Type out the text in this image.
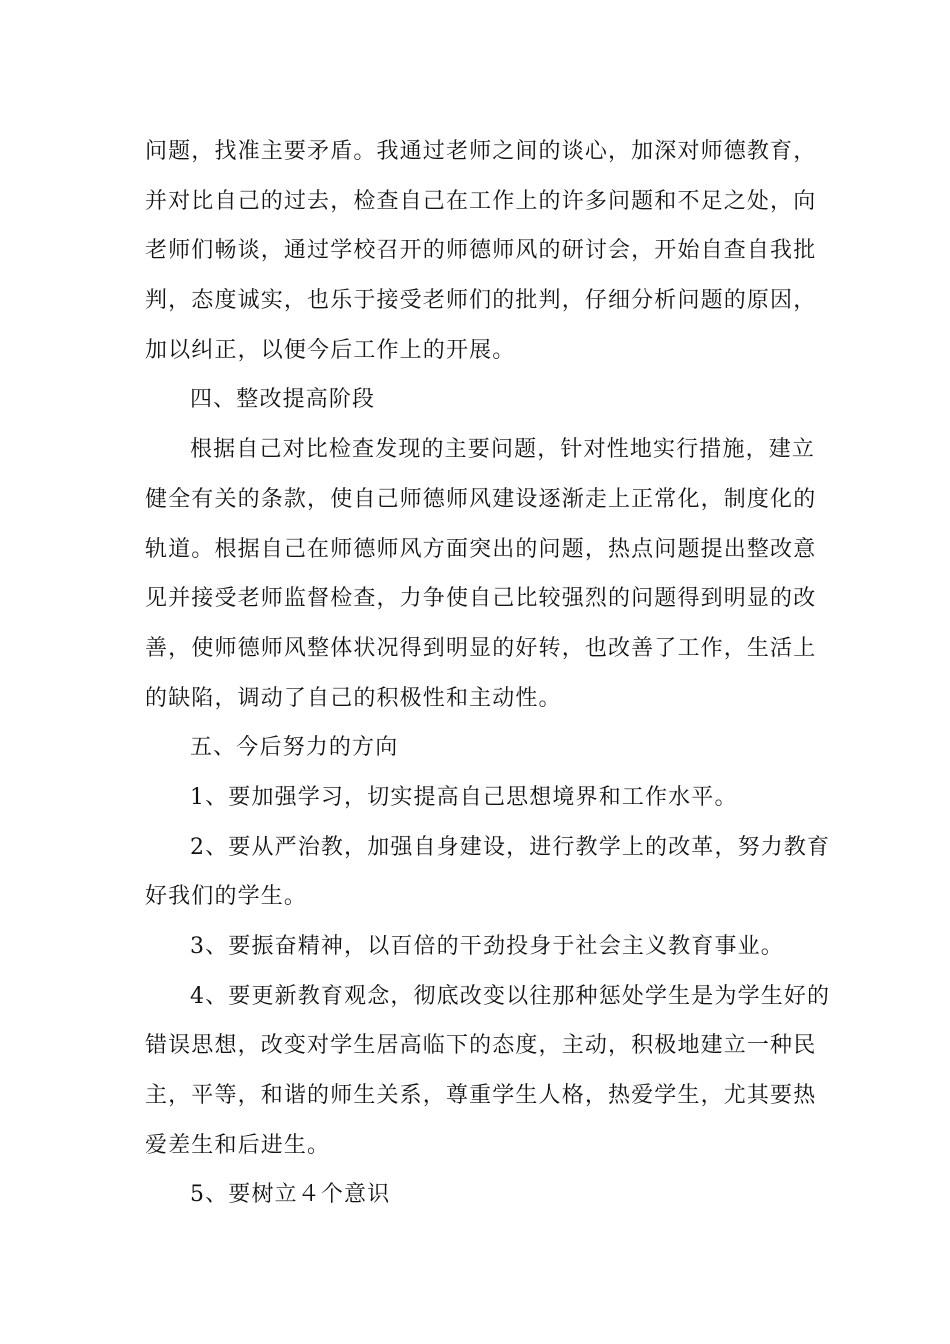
问题，找准主要矛盾。我通过老师之间的谈心，加深对师德教育，
并对比自己的过去，检查自己在工作上的许多问题和不足之处，向
老师们畅谈，通过学校召开的师德师风的研讨会，开始自查自我批
判，态度诚实，也乐于接受老师们的批判，仔细分析问题的原因，
加以纠正，以便今后工作上的开展。

四、整改提高阶段

根据自己对比检查发现的主要问题，针对性地实行措施，建立
健全有关的条款，使自己师德师风建设逐渐走上正常化，制度化的
轨道。根据自己在师德师风方面突出的问题，热点问题提出整改意
见并接受老师监督检查，力争使自己比较强烈的问题得到明显的改
善，使师德师风整体状况得到明显的好转，也改善了工作，生活上
的缺陷，调动了自己的积极性和主动性。

五、今后努力的方向

1、要加强学习，切实提高自己思想境界和工作水平。

2、要从严治教，加强自身建设，进行教学上的改革，努力教育
好我们的学生。

3、要振奋精神，以百倍的干劲投身于社会主义教育事业。

4、要更新教育观念，彻底改变以往那种惩处学生是为学生好的
错误思想，改变对学生居高临下的态度，主动，积极地建立一种民
主，平等，和谐的师生关系，尊重学生人格，热爱学生，尤其要热
爱差生和后进生。

5、要树立４个意识
